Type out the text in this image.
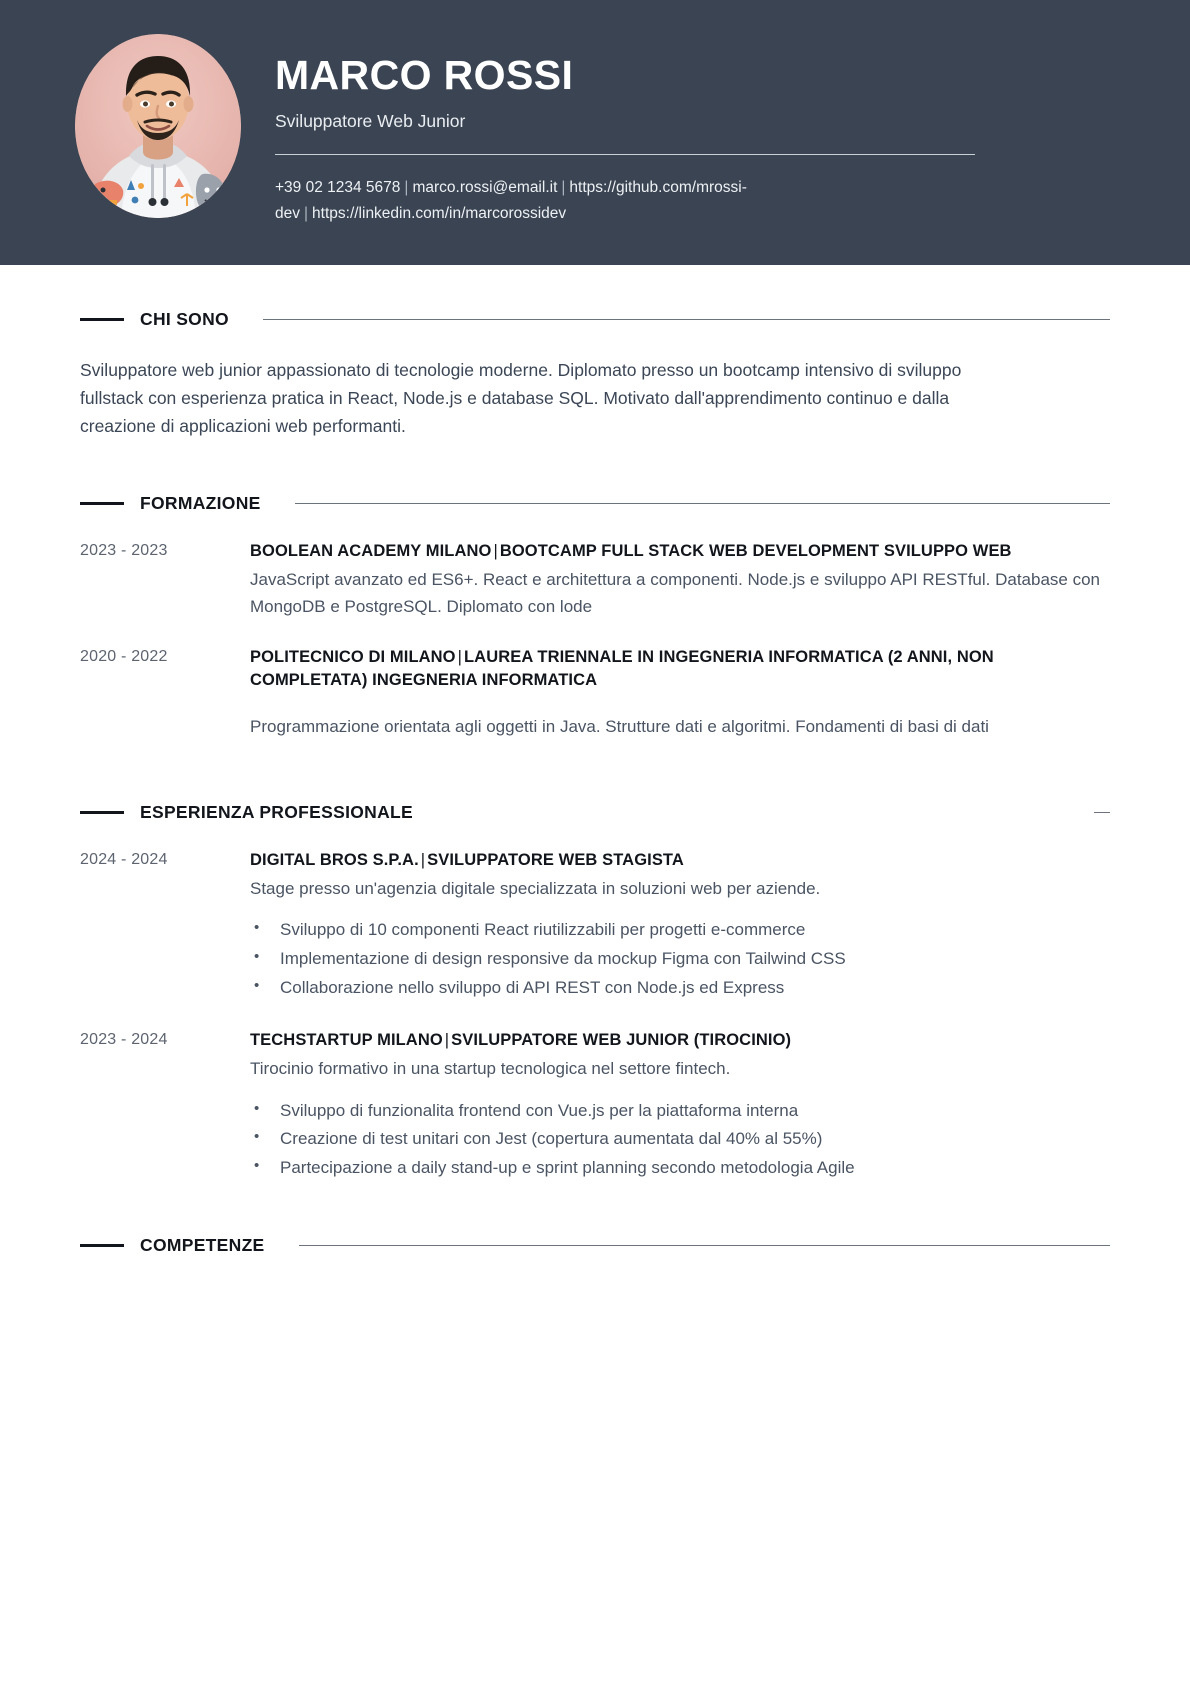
MARCO ROSSI
Sviluppatore Web Junior
+39 02 1234 5678 | marco.rossi@email.it | https://github.com/mrossi-dev | https://linkedin.com/in/marcorossidev
CHI SONO

Sviluppatore web junior appassionato di tecnologie moderne. Diplomato presso un bootcamp intensivo di sviluppo fullstack con esperienza pratica in React, Node.js e database SQL. Motivato dall'apprendimento continuo e dalla creazione di applicazioni web performanti.

FORMAZIONE
2023 - 2023	BOOLEAN ACADEMY MILANO | BOOTCAMP FULL STACK WEB DEVELOPMENT SVILUPPO WEB
JavaScript avanzato ed ES6+. React e architettura a componenti. Node.js e sviluppo API RESTful. Database con MongoDB e PostgreSQL. Diplomato con lode
2020 - 2022	POLITECNICO DI MILANO | LAUREA TRIENNALE IN INGEGNERIA INFORMATICA (2 ANNI, NON COMPLETATA) INGEGNERIA INFORMATICA
Programmazione orientata agli oggetti in Java. Strutture dati e algoritmi. Fondamenti di basi di dati
ESPERIENZA PROFESSIONALE
2024 - 2024	DIGITAL BROS S.P.A. | SVILUPPATORE WEB STAGISTA
Stage presso un'agenzia digitale specializzata in soluzioni web per aziende.
• Sviluppo di 10 componenti React riutilizzabili per progetti e-commerce
• Implementazione di design responsive da mockup Figma con Tailwind CSS
• Collaborazione nello sviluppo di API REST con Node.js ed Express
2023 - 2024	TECHSTARTUP MILANO | SVILUPPATORE WEB JUNIOR (TIROCINIO)
Tirocinio formativo in una startup tecnologica nel settore fintech.
• Sviluppo di funzionalita frontend con Vue.js per la piattaforma interna
• Creazione di test unitari con Jest (copertura aumentata dal 40% al 55%)
• Partecipazione a daily stand-up e sprint planning secondo metodologia Agile
COMPETENZE
